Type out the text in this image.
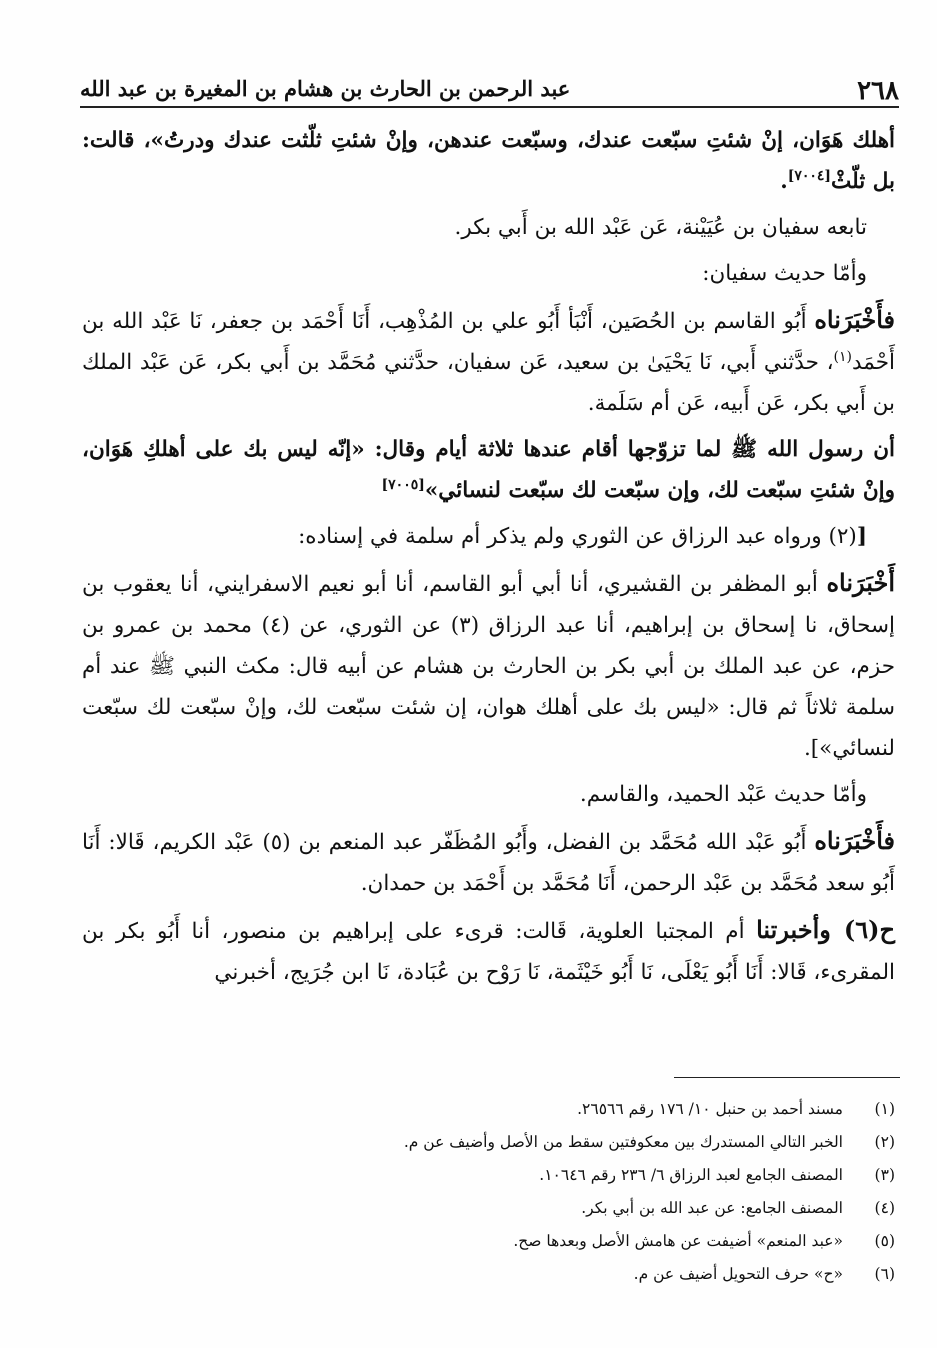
٢٦٨
عبد الرحمن بن الحارث بن هشام بن المغيرة بن عبد الله

أهلك هَوَان، إنْ شئتِ سبّعت عندك، وسبّعت عندهن، وإنْ شئتِ ثلّثت عندك ودرتُ»، قالت: بل ثلّثْ[٧٠٠٤].

تابعه سفيان بن عُيَيْنة، عَن عَبْد الله بن أَبي بكر.

وأمّا حديث سفيان:

فأَخْبَرَناه أَبُو القاسم بن الحُصَين، أَنْبَأ أَبُو علي بن المُذْهِب، أَنَا أَحْمَد بن جعفر، نَا عَبْد الله بن أَحْمَد$^{(١)}$، حدَّثني أَبي، نَا يَحْيَىٰ بن سعيد، عَن سفيان، حدَّثني مُحَمَّد بن أَبي بكر، عَن عَبْد الملك بن أَبي بكر، عَن أَبيه، عَن أم سَلَمة.

أن رسول الله ﷺ لما تزوّجها أقام عندها ثلاثة أيام وقال: «إنّه ليس بك على أهلكِ هَوَان، وإنْ شئتِ سبّعت لك، وإن سبّعت لك سبّعت لنسائي»[٧٠٠٥]

[(٢) ورواه عبد الرزاق عن الثوري ولم يذكر أم سلمة في إسناده:

أَخْبَرَناه أبو المظفر بن القشيري، أنا أبي أبو القاسم، أنا أبو نعيم الاسفرايني، أنا يعقوب بن إسحاق، نا إسحاق بن إبراهيم، أنا عبد الرزاق (٣) عن الثوري، عن (٤) محمد بن عمرو بن حزم، عن عبد الملك بن أبي بكر بن الحارث بن هشام عن أبيه قال: مكث النبي ﷺ عند أم سلمة ثلاثاً ثم قال: «ليس بك على أهلك هوان، إن شئت سبّعت لك، وإنْ سبّعت لك سبّعت لنسائي»].

وأمّا حديث عَبْد الحميد، والقاسم.

فأَخْبَرَناه أَبُو عَبْد الله مُحَمَّد بن الفضل، وأَبُو المُظَفّر عبد المنعم بن (٥) عَبْد الكريم، قَالا: أَنَا أَبُو سعد مُحَمَّد بن عَبْد الرحمن، أَنَا مُحَمَّد بن أَحْمَد بن حمدان.

ح(٦) وأخبرتنا أم المجتبا العلوية، قَالت: قرىء على إبراهيم بن منصور، أنا أَبُو بكر بن المقرىء، قَالا: أَنَا أَبُو يَعْلَى، نَا أَبُو خَيْثَمة، نَا رَوْح بن عُبَادة، نَا ابن جُرَيج، أخبرني

(١)
مسند أحمد بن حنبل ١٠/ ١٧٦ رقم ٢٦٥٦٦.
(٢)
الخبر التالي المستدرك بين معكوفتين سقط من الأصل وأضيف عن م.
(٣)
المصنف الجامع لعبد الرزاق ٦/ ٢٣٦ رقم ١٠٦٤٦.
(٤)
المصنف الجامع: عن عبد الله بن أبي بكر.
(٥)
«عبد المنعم» أضيفت عن هامش الأصل وبعدها صح.
(٦)
«ح» حرف التحويل أضيف عن م.
